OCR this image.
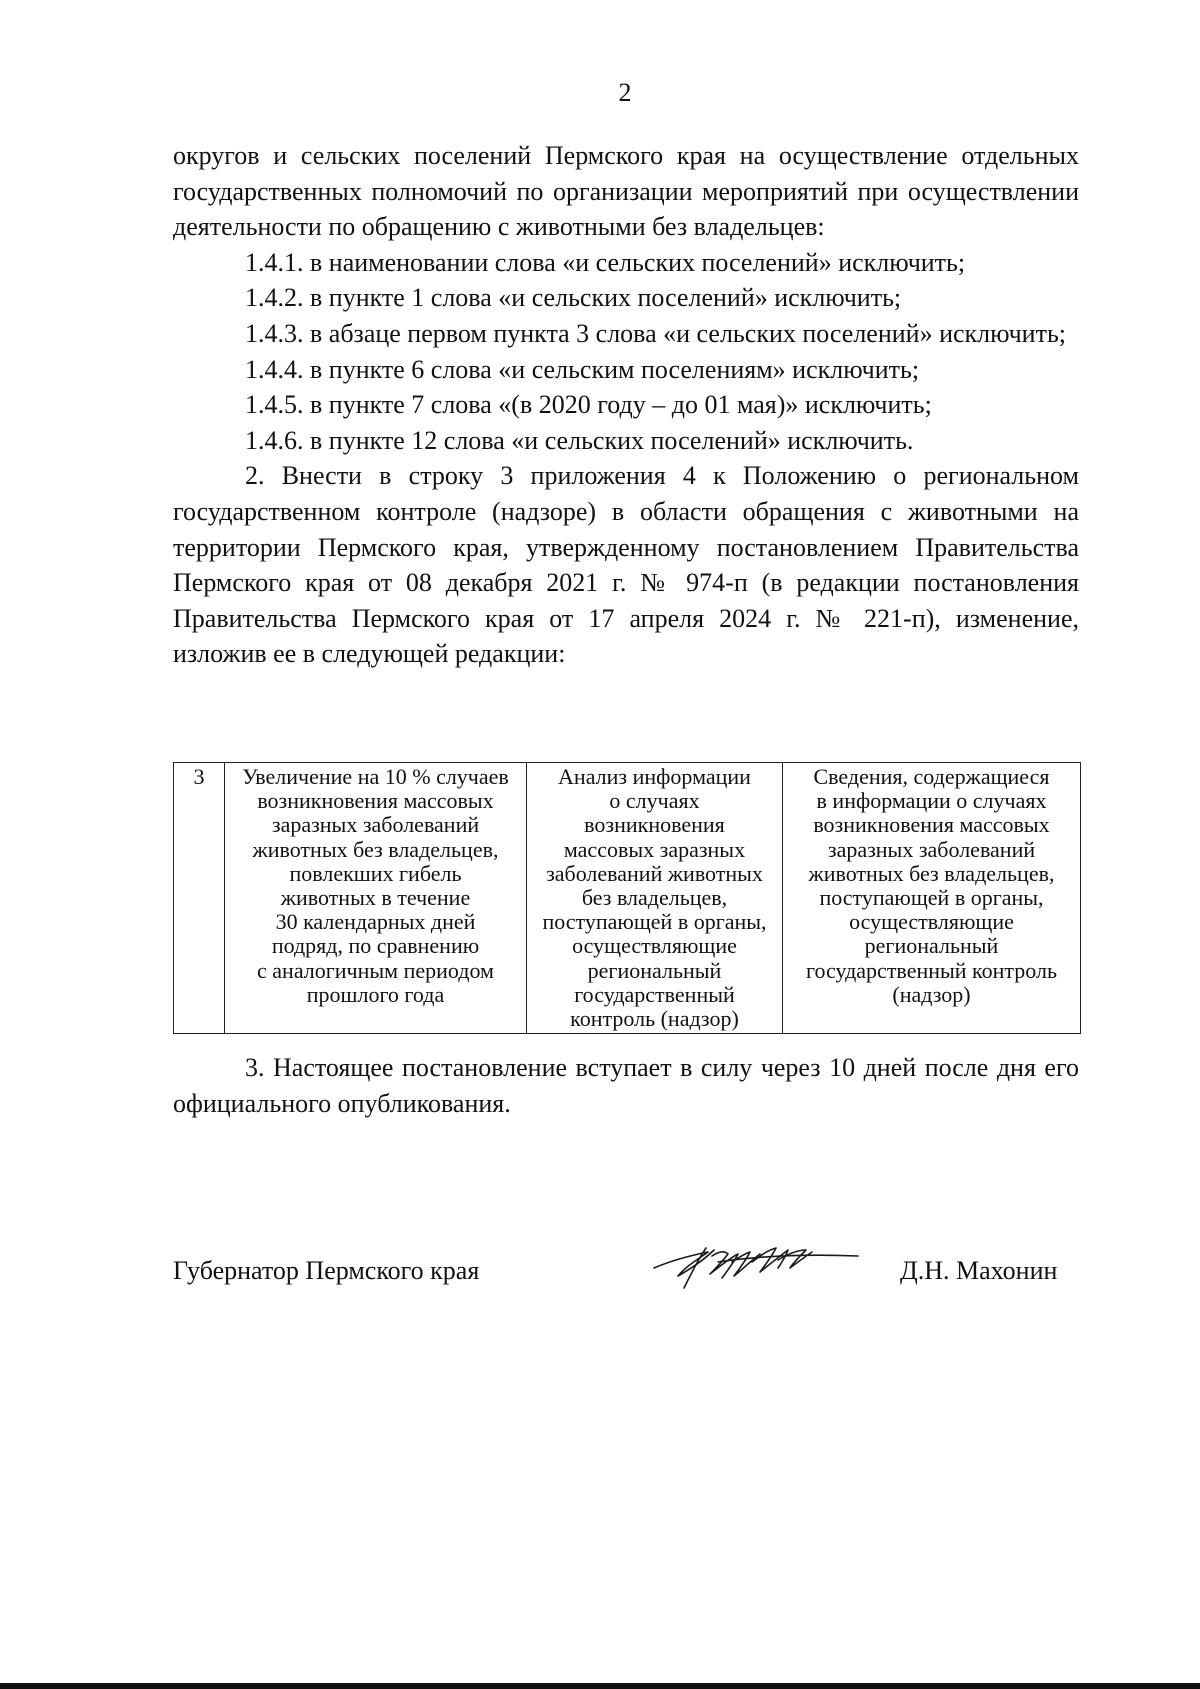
2

округов и сельских поселений Пермского края на осуществление отдельных государственных полномочий по организации мероприятий при осуществлении деятельности по обращению с животными без владельцев:

1.4.1. в наименовании слова «и сельских поселений» исключить;

1.4.2. в пункте 1 слова «и сельских поселений» исключить;

1.4.3. в абзаце первом пункта 3 слова «и сельских поселений» исключить;

1.4.4. в пункте 6 слова «и сельским поселениям» исключить;

1.4.5. в пункте 7 слова «(в 2020 году – до 01 мая)» исключить;

1.4.6. в пункте 12 слова «и сельских поселений» исключить.

2. Внести в строку 3 приложения 4 к Положению о региональном государственном контроле (надзоре) в области обращения с животными на территории Пермского края, утвержденному постановлением Правительства Пермского края от 08 декабря 2021 г. № 974-п (в редакции постановления Правительства Пермского края от 17 апреля 2024 г. № 221-п), изменение, изложив ее в следующей редакции:

3	Увеличение на 10 % случаев
возникновения массовых
заразных заболеваний
животных без владельцев,
повлекших гибель
животных в течение
30 календарных дней
подряд, по сравнению
с аналогичным периодом
прошлого года	Анализ информации
о случаях
возникновения
массовых заразных
заболеваний животных
без владельцев,
поступающей в органы,
осуществляющие
региональный
государственный
контроль (надзор)	Сведения, содержащиеся
в информации о случаях
возникновения массовых
заразных заболеваний
животных без владельцев,
поступающей в органы,
осуществляющие
региональный
государственный контроль
(надзор)

3. Настоящее постановление вступает в силу через 10 дней после дня его официального опубликования.

Губернатор Пермского края	Д.Н. Махонин
